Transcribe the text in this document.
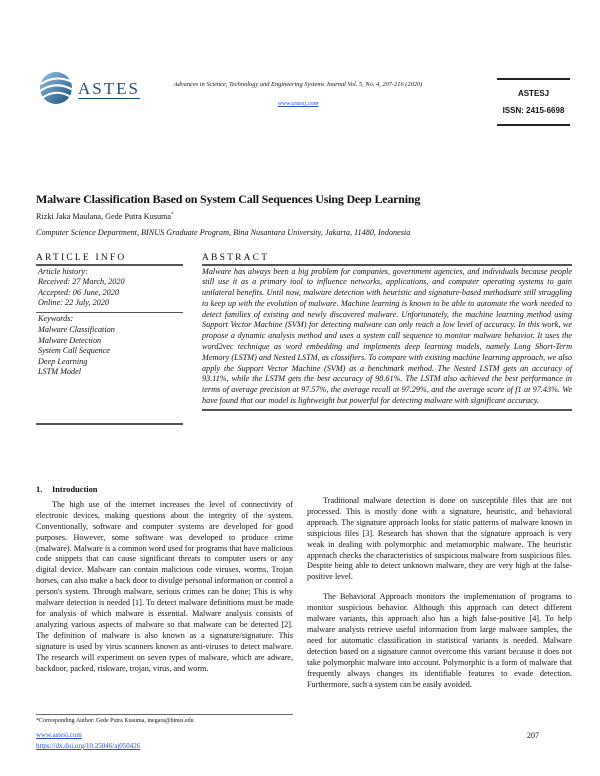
ASTES	Advances in Science, Technology and Engineering Systems Journal Vol. 5, No. 4, 207-216 (2020)
www.astesj.com
ASTESJ
ISSN: 2415-6698
Malware Classification Based on System Call Sequences Using Deep Learning
Rizki Jaka Maulana, Gede Putra Kusuma*
Computer Science Department, BINUS Graduate Program, Bina Nusantara University, Jakarta, 11480, Indonesia
ARTICLE INFO
Article history:
Received: 27 March, 2020
Accepted: 06 June, 2020
Online: 22 July, 2020
Keywords:
Malware Classification
Malware Detection
System Call Sequence
Deep Learning
LSTM Model
ABSTRACT
Malware has always been a big problem for companies, government agencies, and individuals because people still use it as a primary tool to influence networks, applications, and computer operating systems to gain unilateral benefits. Until now, malware detection with heuristic and signature-based methodsare still struggling to keep up with the evolution of malware. Machine learning is known to be able to automate the work needed to detect families of existing and newly discovered malware. Unfortunately, the machine learning method using Support Vector Machine (SVM) for detecting malware can only reach a low level of accuracy. In this work, we propose a dynamic analysis method and uses a system call sequence to monitor malware behavior. It uses the word2vec technique as word embedding and implements deep learning models, namely Long Short-Term Memory (LSTM) and Nested LSTM, as classifiers. To compare with existing machine learning approach, we also apply the Support Vector Machine (SVM) as a benchmark method. The Nested LSTM gets an accuracy of 93.11%, while the LSTM gets the best accuracy of 98.61%. The LSTM also achieved the best performance in terms of average precision at 97.57%, the average recall at 97.29%, and the average score of f1 at 97.43%. We have found that our model is lightweight but powerful for detecting malware with significant accuracy.
1. Introduction

The high use of the internet increases the level of connectivity of electronic devices, making questions about the integrity of the system. Conventionally, software and computer systems are developed for good purposes. However, some software was developed to produce crime (malware). Malware is a common word used for programs that have malicious code snippets that can cause significant threats to computer users or any digital device. Malware can contain malicious code viruses, worms, Trojan horses, can also make a back door to divulge personal information or control a person's system. Through malware, serious crimes can be done; This is why malware detection is needed [1]. To detect malware definitions must be made for analysis of which malware is essential. Malware analysis consists of analyzing various aspects of malware so that malware can be detected [2]. The definition of malware is also known as a signature/signature. This signature is used by virus scanners known as anti-viruses to detect malware. The research will experiment on seven types of malware, which are adware, backdoor, packed, riskware, trojan, virus, and worm.

Traditional malware detection is done on susceptible files that are not processed. This is mostly done with a signature, heuristic, and behavioral approach. The signature approach looks for static patterns of malware known in suspicious files [3]. Research has shown that the signature approach is very weak in dealing with polymorphic and metamorphic malware. The heuristic approach checks the characteristics of suspicious malware from suspicious files. Despite being able to detect unknown malware, they are very high at the false-positive level.

The Behavioral Approach monitors the implementation of programs to monitor suspicious behavior. Although this approach can detect different malware variants, this approach also has a high false-positive [4]. To help malware analysts retrieve useful information from large malware samples, the need for automatic classification in statistical variants is needed. Malware detection based on a signature cannot overcome this variant because it does not take polymorphic malware into account. Polymorphic is a form of malware that frequently always changes its identifiable features to evade detection. Furthermore, such a system can be easily avoided.

*Corresponding Author: Gede Putra Kusuma, inegara@binus.edu
www.astesj.com
https://dx.doi.org/10.25046/aj050426
207
